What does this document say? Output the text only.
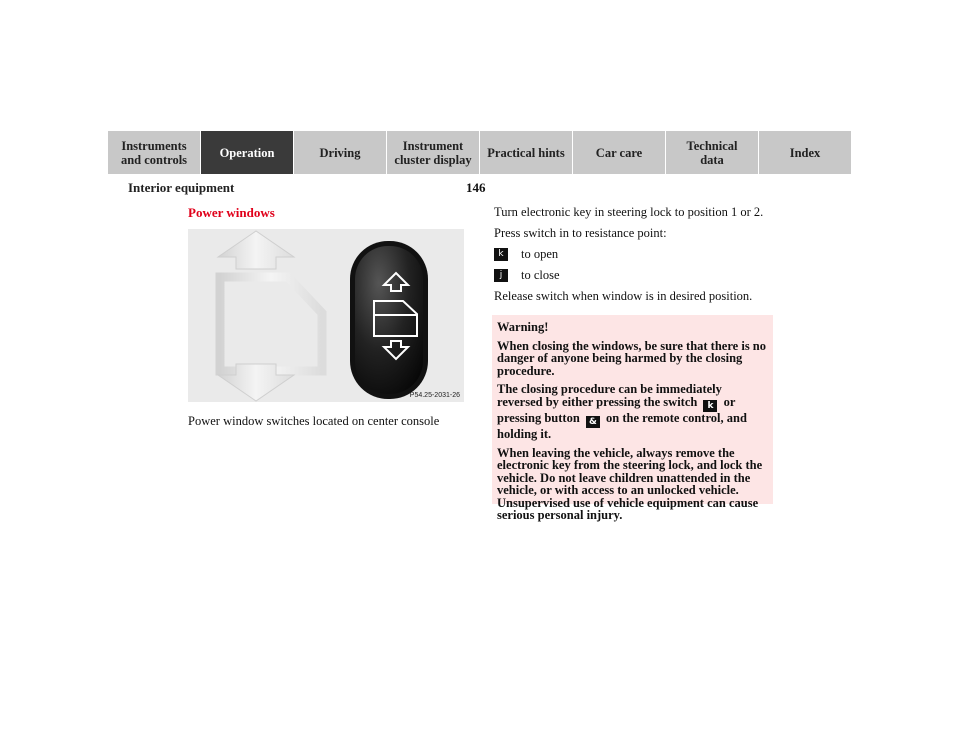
Instruments
and controls	Operation	Driving	Instrument
cluster display	Practical hints	Car care	Technical
data	Index
Interior equipment	146
Power windows
P54.25-2031-26
Power window switches located on center console

Turn electronic key in steering lock to position 1 or 2.

Press switch in to resistance point:

k	to open
j	to close

Release switch when window is in desired position.

Warning!

When closing the windows, be sure that there is no danger of anyone being harmed by the closing procedure.

The closing procedure can be immediately reversed by either pressing the switch k or pressing button & on the remote control, and holding it.

When leaving the vehicle, always remove the electronic key from the steering lock, and lock the vehicle. Do not leave children unattended in the vehicle, or with access to an unlocked vehicle. Unsupervised use of vehicle equipment can cause serious personal injury.
